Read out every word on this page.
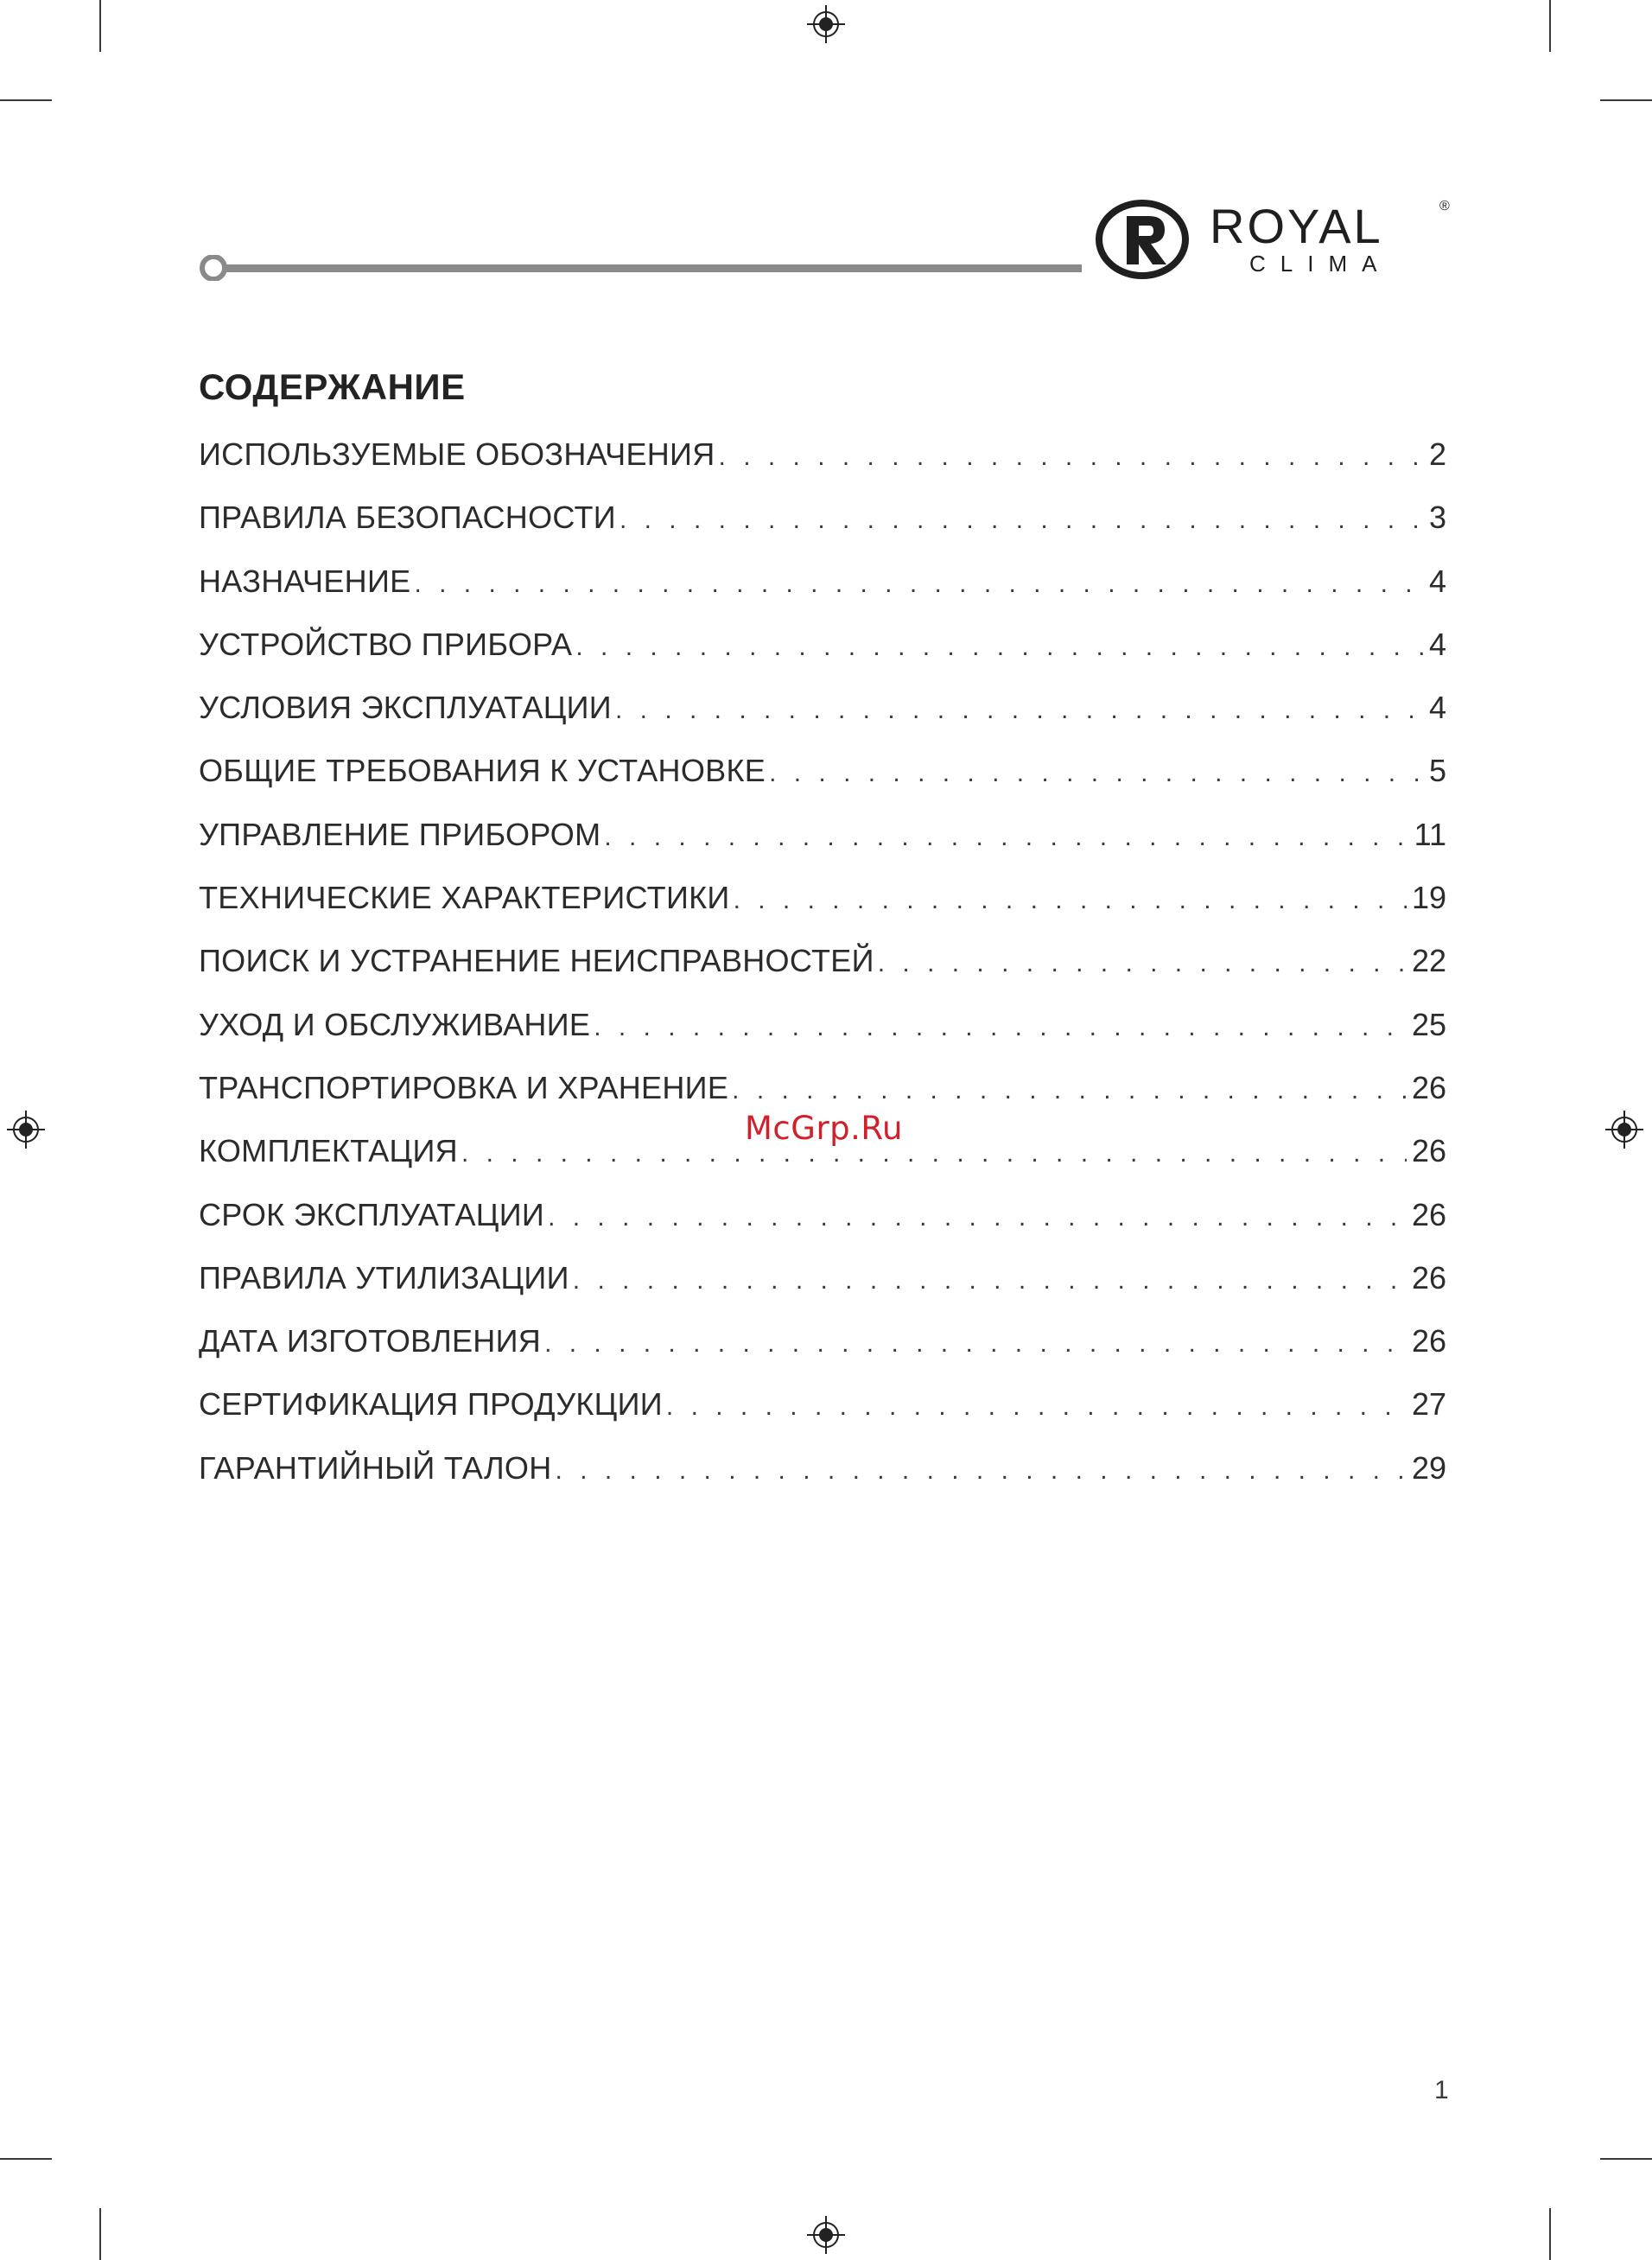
ROYAL	®
CLIMA
СОДЕРЖАНИЕ
ИСПОЛЬЗУЕМЫЕ ОБОЗНАЧЕНИЯ . . .	2
ПРАВИЛА БЕЗОПАСНОСТИ . . .	3
НАЗНАЧЕНИЕ . . .	4
УСТРОЙСТВО ПРИБОРА . . .	4
УСЛОВИЯ ЭКСПЛУАТАЦИИ . . .	4
ОБЩИЕ ТРЕБОВАНИЯ К УСТАНОВКЕ . . .	5
УПРАВЛЕНИЕ ПРИБОРОМ . . .	11
ТЕХНИЧЕСКИЕ ХАРАКТЕРИСТИКИ . . .	19
ПОИСК И УСТРАНЕНИЕ НЕИСПРАВНОСТЕЙ . . .	22
УХОД И ОБСЛУЖИВАНИЕ . . .	25
ТРАНСПОРТИРОВКА И ХРАНЕНИЕ . . .	26
КОМПЛЕКТАЦИЯ . . .	26
СРОК ЭКСПЛУАТАЦИИ . . .	26
ПРАВИЛА УТИЛИЗАЦИИ . . .	26
ДАТА ИЗГОТОВЛЕНИЯ . . .	26
СЕРТИФИКАЦИЯ ПРОДУКЦИИ . . .	27
ГАРАНТИЙНЫЙ ТАЛОН . . .	29
McGrp.Ru
1
